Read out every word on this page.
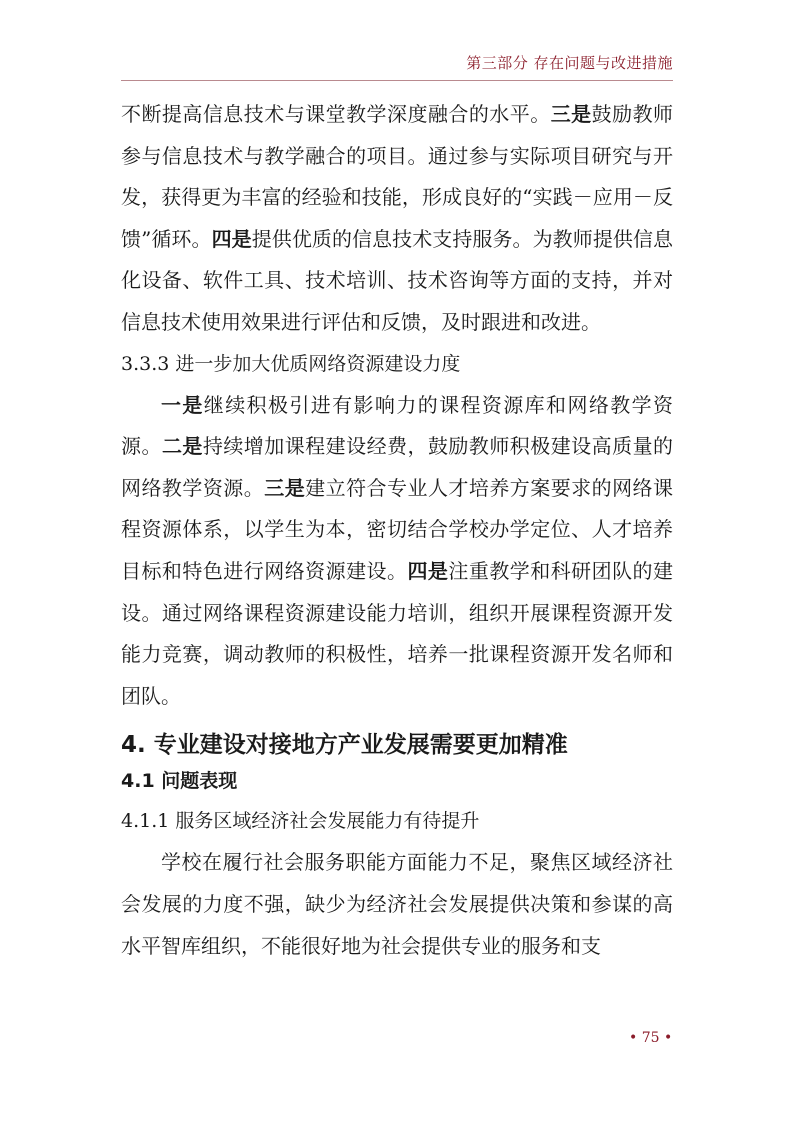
第三部分 存在问题与改进措施

不断提高信息技术与课堂教学深度融合的水平。三是鼓励教师参与信息技术与教学融合的项目。通过参与实际项目研究与开发，获得更为丰富的经验和技能，形成良好的“实践－应用－反馈”循环。四是提供优质的信息技术支持服务。为教师提供信息化设备、软件工具、技术培训、技术咨询等方面的支持，并对信息技术使用效果进行评估和反馈，及时跟进和改进。

3.3.3 进一步加大优质网络资源建设力度

一是继续积极引进有影响力的课程资源库和网络教学资源。二是持续增加课程建设经费，鼓励教师积极建设高质量的网络教学资源。三是建立符合专业人才培养方案要求的网络课程资源体系，以学生为本，密切结合学校办学定位、人才培养目标和特色进行网络资源建设。四是注重教学和科研团队的建设。通过网络课程资源建设能力培训，组织开展课程资源开发能力竞赛，调动教师的积极性，培养一批课程资源开发名师和团队。

4. 专业建设对接地方产业发展需要更加精准

4.1 问题表现

4.1.1 服务区域经济社会发展能力有待提升

学校在履行社会服务职能方面能力不足，聚焦区域经济社会发展的力度不强，缺少为经济社会发展提供决策和参谋的高水平智库组织，不能很好地为社会提供专业的服务和支

• 75 •
